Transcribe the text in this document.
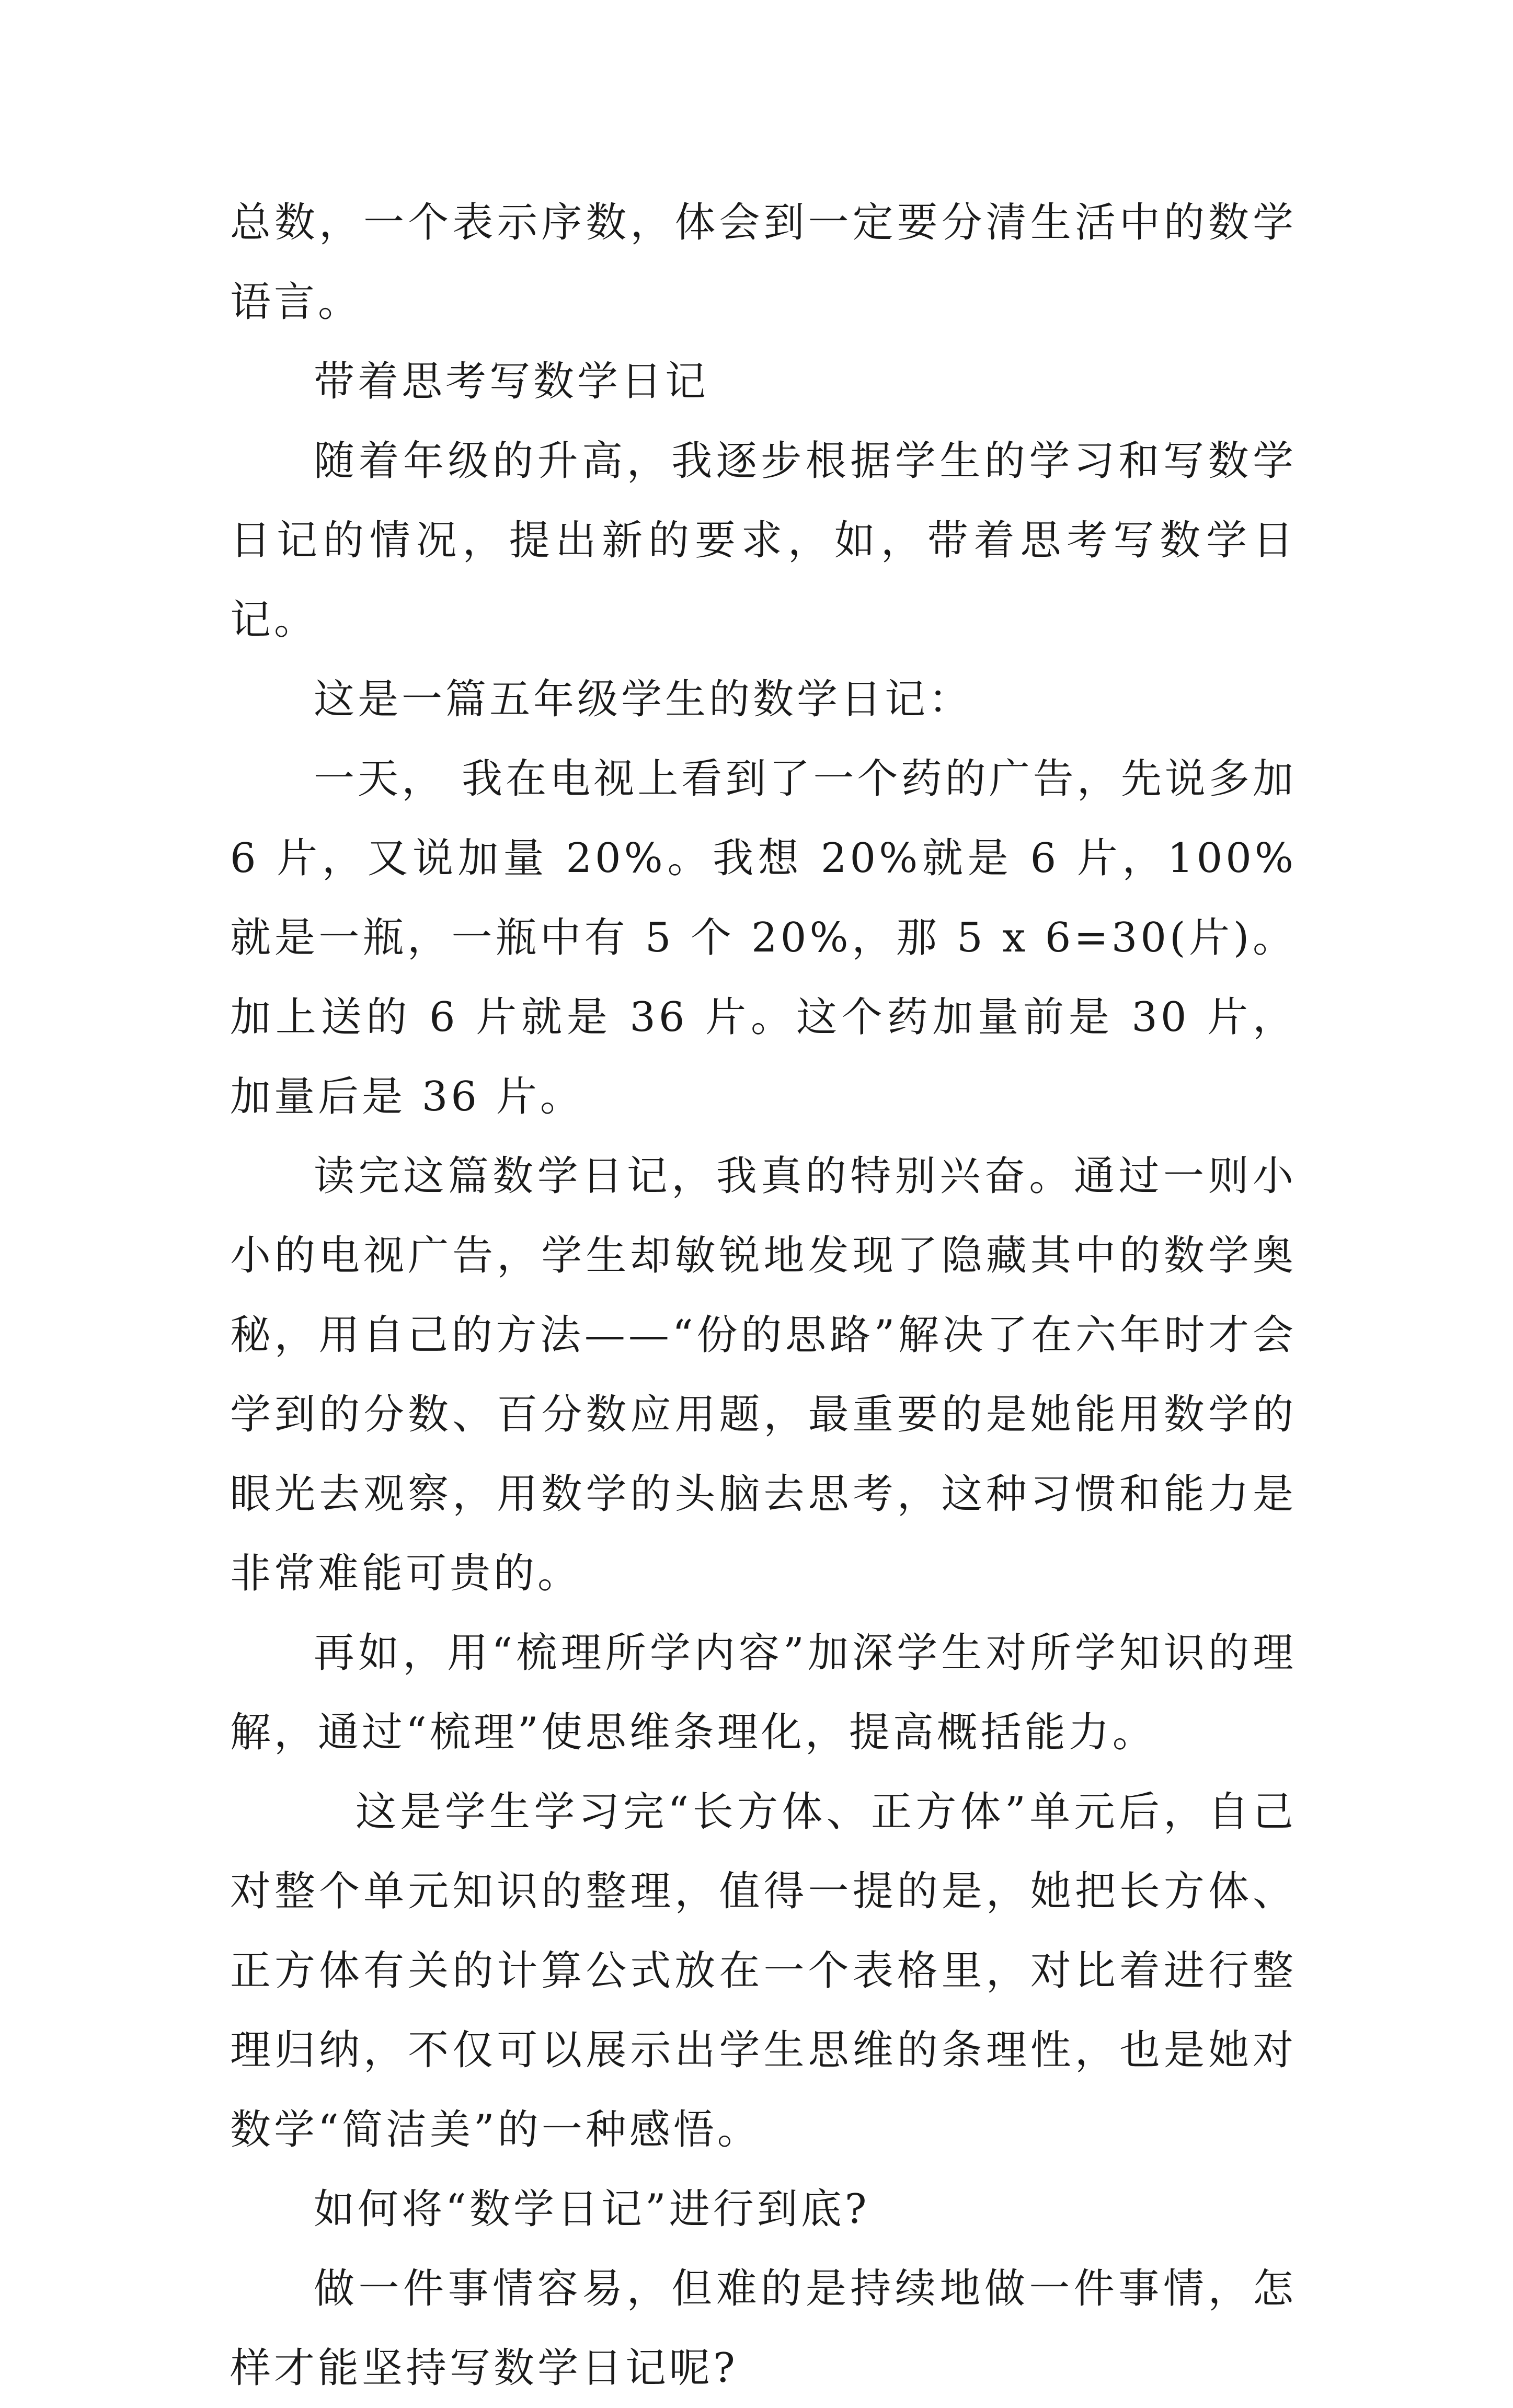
总数，一个表示序数，体会到一定要分清生活中的数学语言。

带着思考写数学日记

随着年级的升高，我逐步根据学生的学习和写数学日记的情况，提出新的要求，如，带着思考写数学日记。

这是一篇五年级学生的数学日记：

一天， 我在电视上看到了一个药的广告，先说多加 6 片，又说加量 20%。我想 20%就是 6 片，100%就是一瓶，一瓶中有 5 个 20%，那 5 x 6=30(片)。加上送的 6 片就是 36 片。这个药加量前是 30 片，加量后是 36 片。

读完这篇数学日记，我真的特别兴奋。通过一则小小的电视广告，学生却敏锐地发现了隐藏其中的数学奥秘，用自己的方法——“份的思路”解决了在六年时才会学到的分数、百分数应用题，最重要的是她能用数学的眼光去观察，用数学的头脑去思考，这种习惯和能力是非常难能可贵的。

再如，用“梳理所学内容”加深学生对所学知识的理解，通过“梳理”使思维条理化，提高概括能力。

这是学生学习完“长方体、正方体”单元后，自己对整个单元知识的整理，值得一提的是，她把长方体、正方体有关的计算公式放在一个表格里，对比着进行整理归纳，不仅可以展示出学生思维的条理性，也是她对数学“简洁美”的一种感悟。

如何将“数学日记”进行到底?

做一件事情容易，但难的是持续地做一件事情，怎样才能坚持写数学日记呢?
